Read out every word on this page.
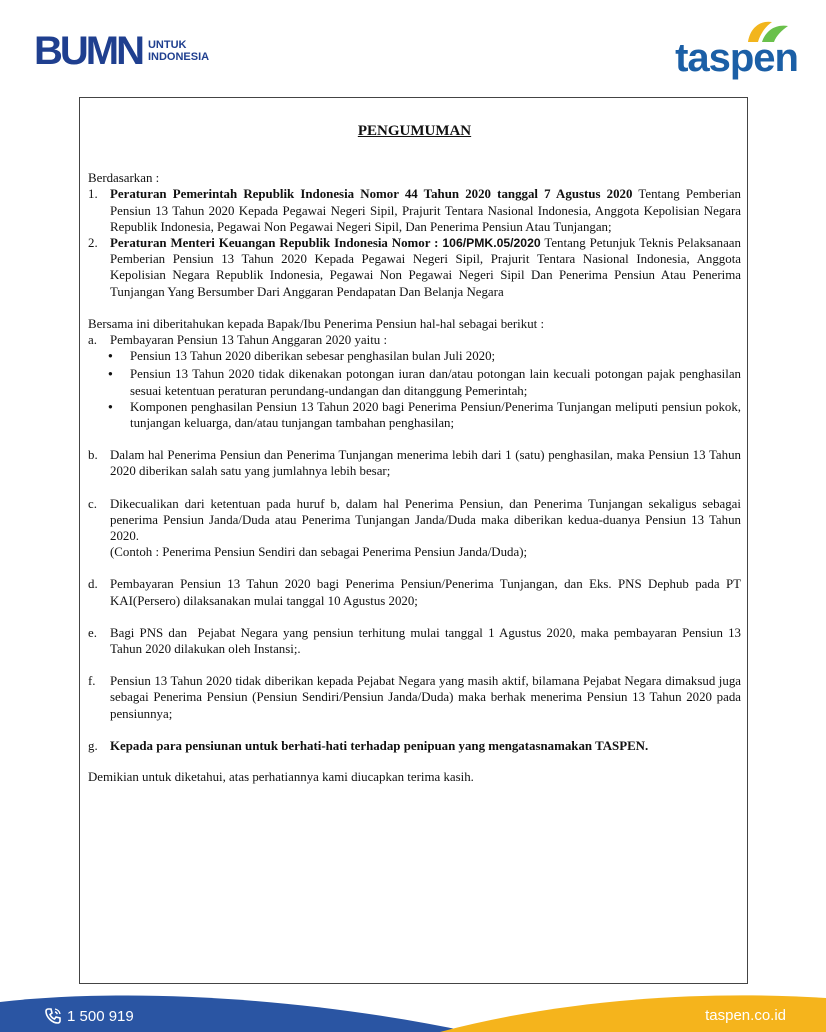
BUMN UNTUK
INDONESIA	taspen
PENGUMUMAN
Berdasarkan :
1. Peraturan Pemerintah Republik Indonesia Nomor 44 Tahun 2020 tanggal 7 Agustus 2020 Tentang Pemberian Pensiun 13 Tahun 2020 Kepada Pegawai Negeri Sipil, Prajurit Tentara Nasional Indonesia, Anggota Kepolisian Negara Republik Indonesia, Pegawai Non Pegawai Negeri Sipil, Dan Penerima Pensiun Atau Tunjangan;
2. Peraturan Menteri Keuangan Republik Indonesia Nomor : 106/PMK.05/2020 Tentang Petunjuk Teknis Pelaksanaan Pemberian Pensiun 13 Tahun 2020 Kepada Pegawai Negeri Sipil, Prajurit Tentara Nasional Indonesia, Anggota Kepolisian Negara Republik Indonesia, Pegawai Non Pegawai Negeri Sipil Dan Penerima Pensiun Atau Penerima Tunjangan Yang Bersumber Dari Anggaran Pendapatan Dan Belanja Negara
Bersama ini diberitahukan kepada Bapak/Ibu Penerima Pensiun hal-hal sebagai berikut :
a.	Pembayaran Pensiun 13 Tahun Anggaran 2020 yaitu :
●
Pensiun 13 Tahun 2020 diberikan sebesar penghasilan bulan Juli 2020;
●
Pensiun 13 Tahun 2020 tidak dikenakan potongan iuran dan/atau potongan lain kecuali potongan pajak penghasilan sesuai ketentuan peraturan perundang-undangan dan ditanggung Pemerintah;
●
Komponen penghasilan Pensiun 13 Tahun 2020 bagi Penerima Pensiun/Penerima Tunjangan meliputi pensiun pokok, tunjangan keluarga, dan/atau tunjangan tambahan penghasilan;
b. Dalam hal Penerima Pensiun dan Penerima Tunjangan menerima lebih dari 1 (satu) penghasilan, maka Pensiun 13 Tahun 2020 diberikan salah satu yang jumlahnya lebih besar;
c.	Dikecualikan dari ketentuan pada huruf b, dalam hal Penerima Pensiun, dan Penerima Tunjangan sekaligus sebagai penerima Pensiun Janda/Duda atau Penerima Tunjangan Janda/Duda maka diberikan kedua-duanya Pensiun 13 Tahun 2020.
(Contoh : Penerima Pensiun Sendiri dan sebagai Penerima Pensiun Janda/Duda);
d. Pembayaran Pensiun 13 Tahun 2020 bagi Penerima Pensiun/Penerima Tunjangan, dan Eks. PNS Dephub pada PT KAI(Persero) dilaksanakan mulai tanggal 10 Agustus 2020;
e.	Bagi PNS dan  Pejabat Negara yang pensiun terhitung mulai tanggal 1 Agustus 2020, maka pembayaran Pensiun 13 Tahun 2020 dilakukan oleh Instansi;.
f.	Pensiun 13 Tahun 2020 tidak diberikan kepada Pejabat Negara yang masih aktif, bilamana Pejabat Negara dimaksud juga sebagai Penerima Pensiun (Pensiun Sendiri/Pensiun Janda/Duda) maka berhak menerima Pensiun 13 Tahun 2020 pada pensiunnya;
g. Kepada para pensiunan untuk berhati-hati terhadap penipuan yang mengatasnamakan TASPEN.
Demikian untuk diketahui, atas perhatiannya kami diucapkan terima kasih.
1 500 919	taspen.co.id
